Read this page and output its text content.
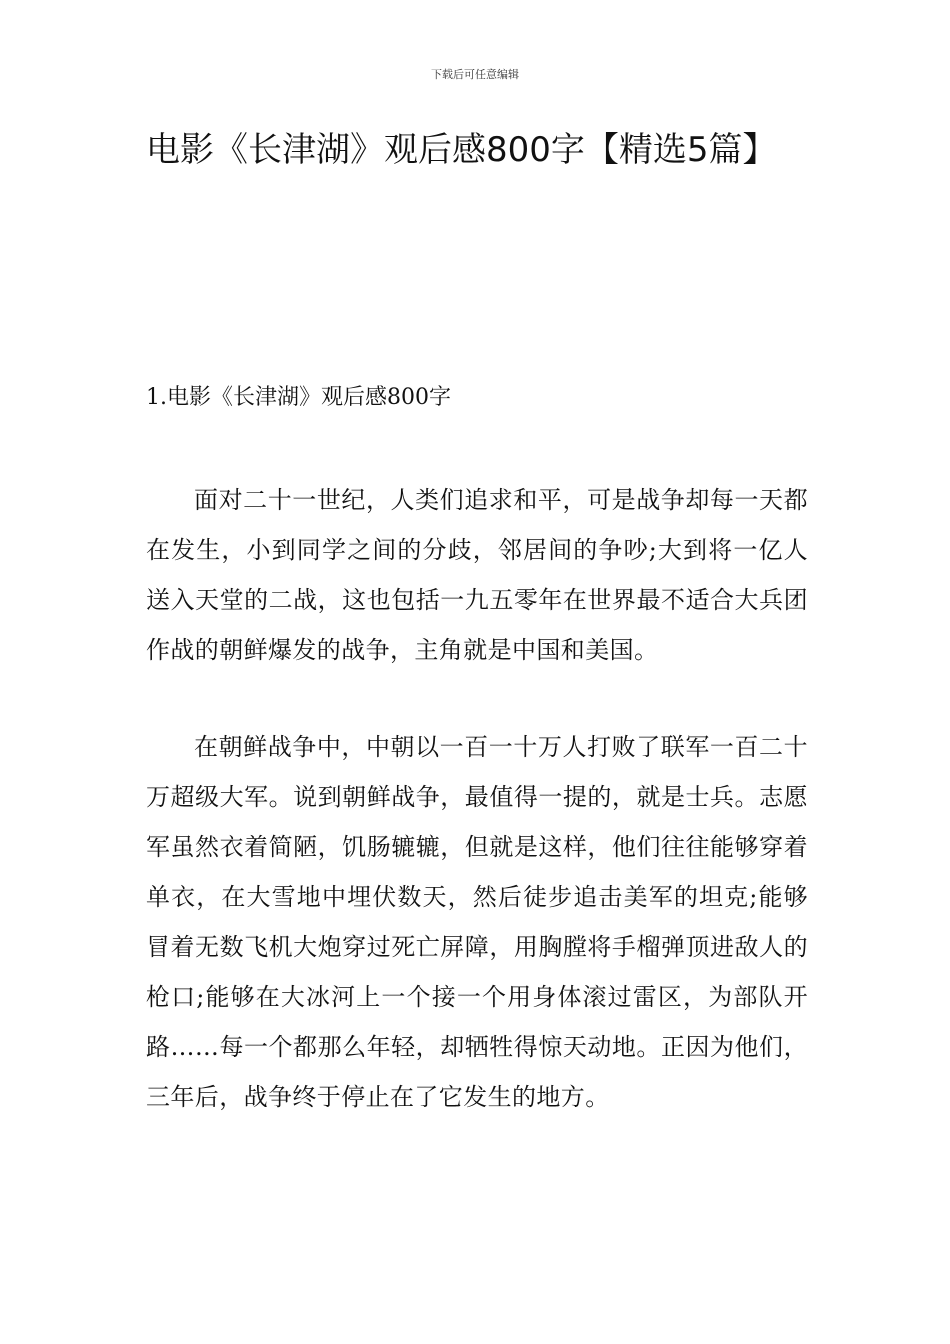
下载后可任意编辑
电影《长津湖》观后感800字【精选5篇】
1.电影《长津湖》观后感800字

面对二十一世纪，人类们追求和平，可是战争却每一天都在发生，小到同学之间的分歧，邻居间的争吵;大到将一亿人送入天堂的二战，这也包括一九五零年在世界最不适合大兵团作战的朝鲜爆发的战争，主角就是中国和美国。

在朝鲜战争中，中朝以一百一十万人打败了联军一百二十万超级大军。说到朝鲜战争，最值得一提的，就是士兵。志愿军虽然衣着简陋，饥肠辘辘，但就是这样，他们往往能够穿着单衣，在大雪地中埋伏数天，然后徒步追击美军的坦克;能够冒着无数飞机大炮穿过死亡屏障，用胸膛将手榴弹顶进敌人的枪口;能够在大冰河上一个接一个用身体滚过雷区，为部队开路……每一个都那么年轻，却牺牲得惊天动地。正因为他们，三年后，战争终于停止在了它发生的地方。
